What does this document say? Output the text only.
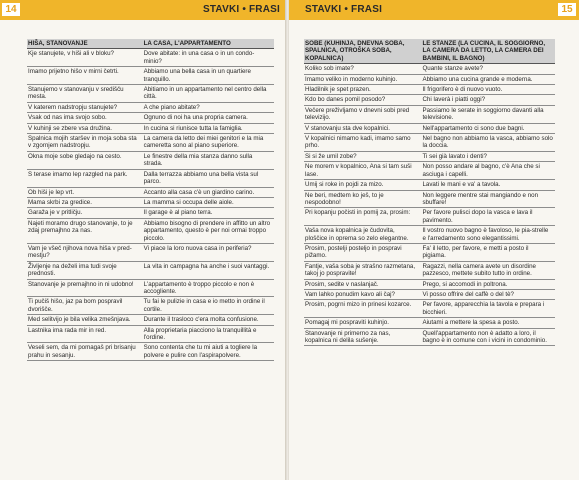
14	STAVKI • FRASI
HIŠA, STANOVANJE	LA CASA, L'APPARTAMENTO
Kje stanujete, v hiši ali v bloku?	Dove abitate: in una casa o in un condo-minio?
Imamo prijetno hišo v mirni četrti.	Abbiamo una bella casa in un quartiere tranquillo.
Stanujemo v stanovanju v središču mesta.	Abitiamo in un appartamento nel centro della città.
V katerem nadstropju stanujete?	A che piano abitate?
Vsak od nas ima svojo sobo.	Ognuno di noi ha una propria camera.
V kuhinji se zbere vsa družina.	In cucina si riunisce tutta la famiglia.
Spalnica mojih staršev in moja soba sta v zgornjem nadstropju.	La camera da letto dei miei genitori e la mia cameretta sono al piano superiore.
Okna moje sobe gledajo na cesto.	Le finestre della mia stanza danno sulla strada.
S terase imamo lep razgled na park.	Dalla terrazza abbiamo una bella vista sul parco.
Ob hiši je lep vrt.	Accanto alla casa c'è un giardino carino.
Mama skrbi za gredice.	La mamma si occupa delle aiole.
Garaža je v pritličju.	Il garage è al piano terra.
Najeti moramo drugo stanovanje, to je zdaj premajhno za nas.	Abbiamo bisogno di prendere in affitto un altro appartamento, questo è per noi ormai troppo piccolo.
Vam je všeč njihova nova hiša v pred-mestju?	Vi piace la loro nuova casa in periferia?
Življenje na deželi ima tudi svoje prednosti.	La vita in campagna ha anche i suoi vantaggi.
Stanovanje je premajhno in ni udobno!	L'appartamento è troppo piccolo e non è accogliente.
Ti pučiš hišo, jaz pa bom pospravil dvorišče.	Tu fai le pulizie in casa e io metto in ordine il cortile.
Med selitvijo je bila velika zmešnjava.	Durante il trasloco c'era molta confusione.
Lastnika ima rada mir in red.	Alla proprietaria piacciono la tranquillità e l'ordine.
Veseli sem, da mi pomagaš pri brisanju prahu in sesanju.	Sono contenta che tu mi aiuti a togliere la polvere e pulire con l'aspirapolvere.
STAVKI • FRASI	15
SOBE (KUHINJA, DNEVNA SOBA, SPALNICA, OTROŠKA SOBA, KOPALNICA)	LE STANZE (LA CUCINA, IL SOGGIORNO, LA CAMERA DA LETTO, LA CAMERA DEI BAMBINI, IL BAGNO)
Koliko sob imate?	Quante stanze avete?
Imamo veliko in moderno kuhinjo.	Abbiamo una cucina grande e moderna.
Hladilnik je spet prazen.	Il frigorifero è di nuovo vuoto.
Kdo bo danes pomil posodo?	Chi laverà i piatti oggi?
Večere preživljamo v dnevni sobi pred televizijo.	Passiamo le serate in soggiorno davanti alla televisione.
V stanovanju sta dve kopalnici.	Nell'appartamento ci sono due bagni.
V kopalnici nimamo kadi, imamo samo prho.	Nel bagno non abbiamo la vasca, abbiamo solo la doccia.
Si si že umil zobe?	Ti sei già lavato i denti?
Ne morem v kopalnico, Ana si tam suši lase.	Non posso andare al bagno, c'è Ana che si asciuga i capelli.
Umij si roke in pojdi za mizo.	Lavati le mani e va' a tavola.
Ne beri, medtem ko ješ, to je nespodobno!	Non leggere mentre stai mangiando e non sbuffare!
Pri kopanju počisti in pomij za, prosim:	Per favore pulisci dopo la vasca e lava il pavimento.
Vaša nova kopalnica je čudovita, ploščice in oprema so zelo elegantne.	Il vostro nuovo bagno è favoloso, le pia-strelle e l'arredamento sono elegantissimi.
Prosim, postelji posteljo in pospravi pižamo.	Fa' il letto, per favore, e metti a posto il pigiama.
Fantje, vaša soba je strašno razmetana, takoj jo pospravite!	Ragazzi, nella camera avete un disordine pazzesco, mettete subito tutto in ordine.
Prosim, sedite v naslanjač.	Prego, si accomodi in poltrona.
Vam lahko ponudim kavo ali čaj?	Vi posso offrire del caffè o del tè?
Prosim, pogrni mizo in prinesi kozarce.	Per favore, apparecchia la tavola e prepara i bicchieri.
Pomagaj mi pospraviti kuhinjo.	Aiutami a mettere la spesa a posto.
Stanovanje ni primerno za nas, kopalnica ni delila sušenje.	Quell'appartamento non è adatto a loro, il bagno è in comune con i vicini in condominio.
